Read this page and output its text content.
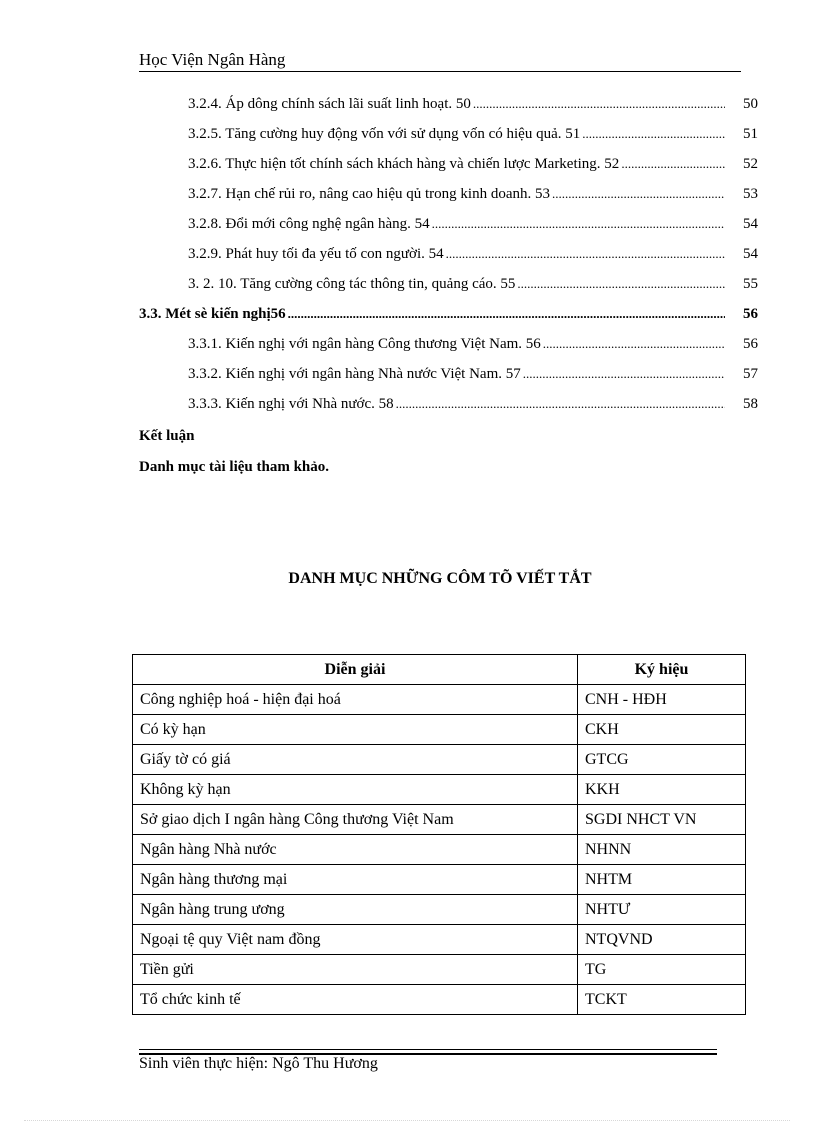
Học Viện Ngân Hàng
3.2.4. Áp dông chính sách lãi suất linh hoạt. 50 .....	50
3.2.5. Tăng cường huy động vốn với sử dụng vốn có hiệu quả. 51 .....	51
3.2.6. Thực hiện tốt chính sách khách hàng và chiến lược Marketing. 52 .....	52
3.2.7. Hạn chế rủi ro, nâng cao hiệu qủ trong kinh doanh. 53 .....	53
3.2.8. Đổi mới công nghệ ngân hàng. 54 .....	54
3.2.9. Phát huy tối đa yếu tố con người. 54 .....	54
3. 2. 10. Tăng cường công tác thông tin, quảng cáo. 55 .....	55
3.3. Mét sè kiến nghị56 .....	56
3.3.1. Kiến nghị với ngân hàng Công thương Việt Nam. 56 .....	56
3.3.2. Kiến nghị với ngân hàng Nhà nước Việt Nam. 57 .....	57
3.3.3. Kiến nghị với Nhà nước. 58 .....	58
Kết luận
Danh mục tài liệu tham khảo.
DANH MỤC NHỮNG CÔM TÕ VIẾT TẮT
Diễn giải	Ký hiệu
Công nghiệp hoá - hiện đại hoá	CNH - HĐH
Có kỳ hạn	CKH
Giấy tờ có giá	GTCG
Không kỳ hạn	KKH
Sở giao dịch I ngân hàng Công thương Việt Nam	SGDI NHCT VN
Ngân hàng Nhà nước	NHNN
Ngân hàng thương mại	NHTM
Ngân hàng trung ương	NHTƯ
Ngoại tệ quy Việt nam đồng	NTQVND
Tiền gửi	TG
Tổ chức kinh tế	TCKT
Sinh viên thực hiện: Ngô Thu Hương
